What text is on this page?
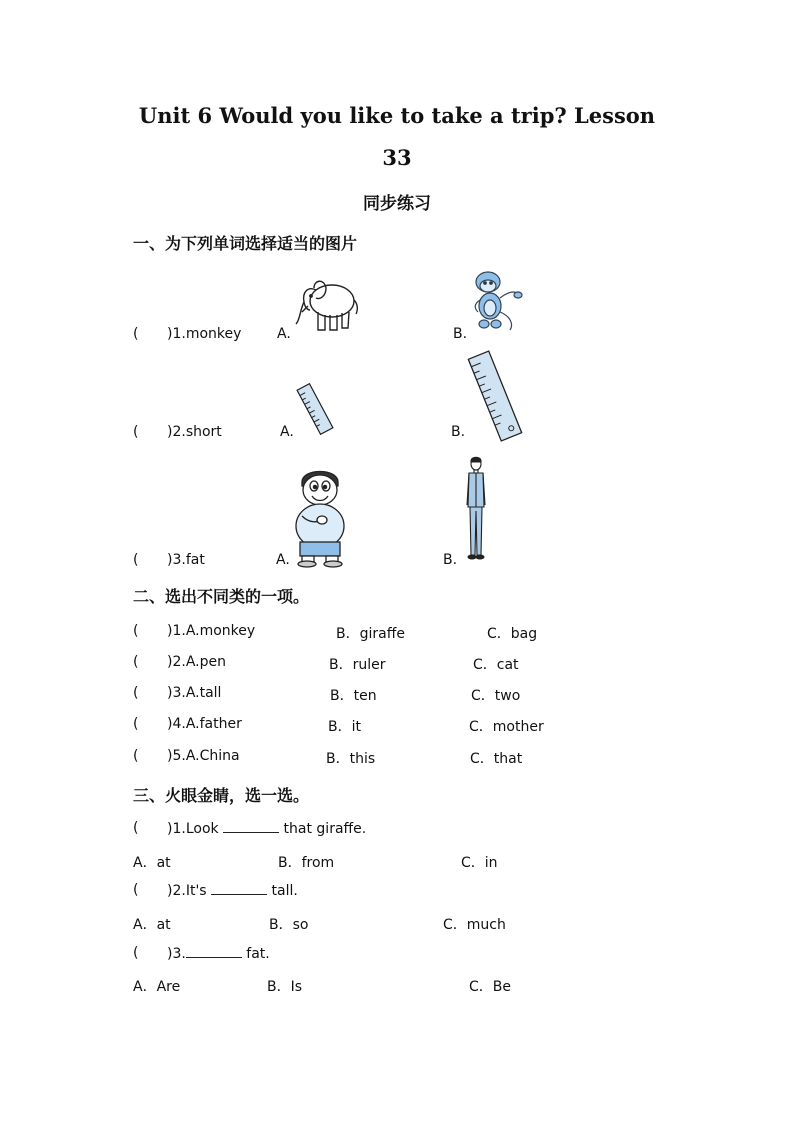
Unit 6 Would you like to take a trip? Lesson
33
同步练习
一、为下列单词选择适当的图片
( )1.monkey	A.	B.
( )2.short	A.	B.
( )3.fat	A.	B.
二、选出不同类的一项。
( )1.A.monkey	B．giraffe	C．bag
( )2.A.pen	B．ruler	C．cat
( )3.A.tall	B．ten	C．two
( )4.A.father	B．it	C．mother
( )5.A.China	B．this	C．that
三、火眼金睛，选一选。
( )1.Look	that giraffe.
A．at	B．from	C．in
( )2.It's	tall.
A．at	B．so	C．much
( )3.	fat.
A．Are	B．Is	C．Be
